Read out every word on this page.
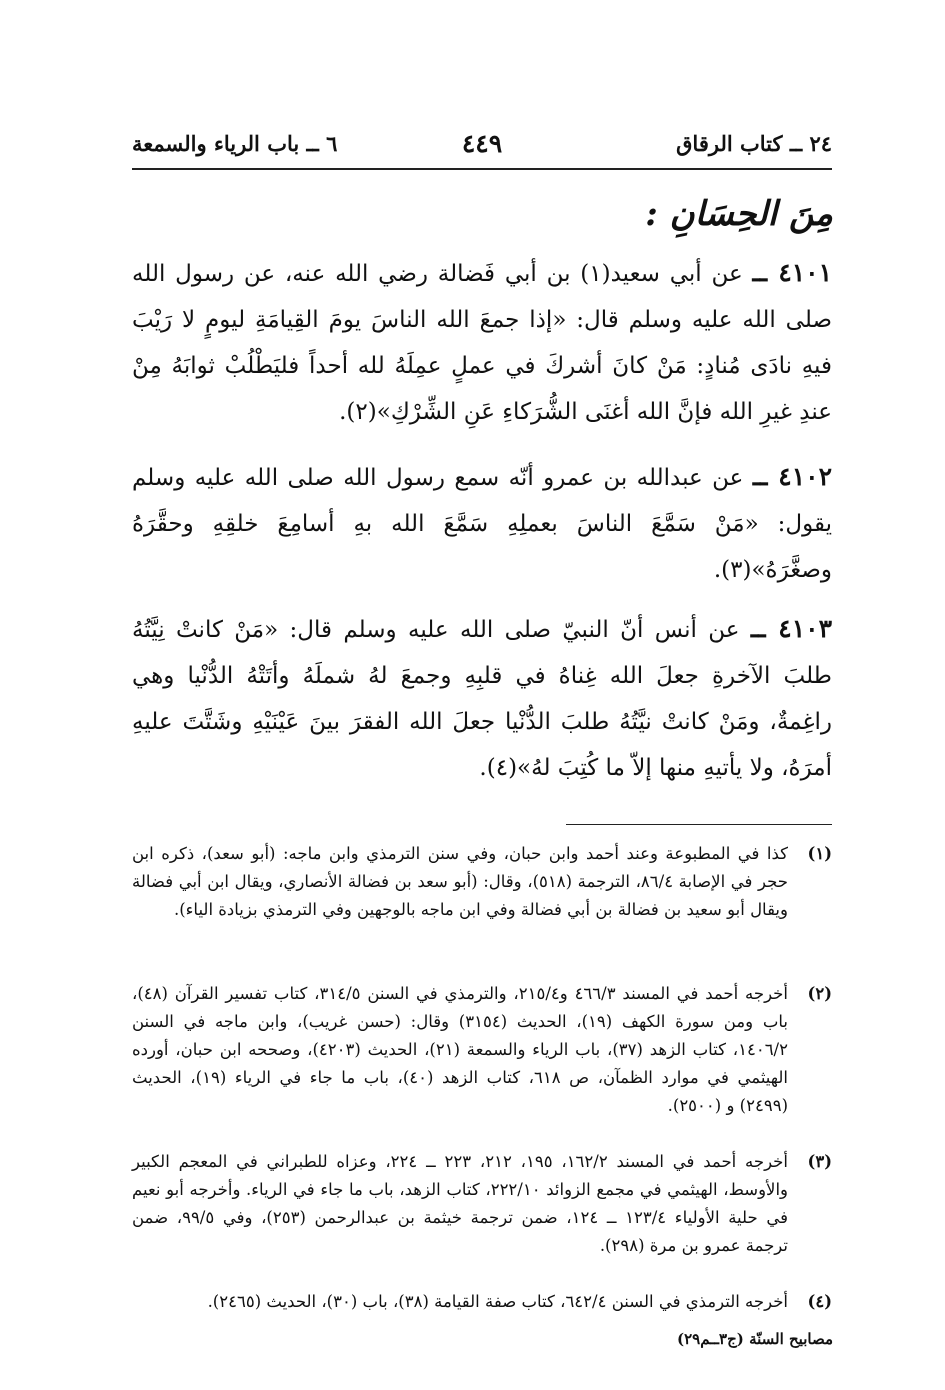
٢٤ ــ كتاب الرقاق
٤٤٩
٦ ــ باب الرياء والسمعة
مِنَ الحِسَانِ :
٤١٠١ ــ عن أبي سعيد(١) بن أبي فَضالة رضي الله عنه، عن رسول الله صلى الله عليه وسلم قال: «إذا جمعَ الله الناسَ يومَ القِيامَةِ ليومٍ لا رَيْبَ فيهِ نادَى مُنادٍ: مَنْ كانَ أشركَ في عملٍ عمِلَهُ لله أحداً فليَطْلُبْ ثوابَهُ مِنْ عندِ غيرِ الله فإنَّ الله أغنَى الشُّرَكاءِ عَنِ الشِّرْكِ»(٢).
٤١٠٢ ــ عن عبدالله بن عمرو أنّه سمع رسول الله صلى الله عليه وسلم يقول: «مَنْ سَمَّعَ الناسَ بعملِهِ سَمَّعَ الله بهِ أسامِعَ خلقِهِ وحقَّرَهُ وصغَّرَهُ»(٣).
٤١٠٣ ــ عن أنس أنّ النبيّ صلى الله عليه وسلم قال: «مَنْ كانتْ نِيَّتُهُ طلبَ الآخرةِ جعلَ الله غِناهُ في قلبِهِ وجمعَ لهُ شملَهُ وأتَتْهُ الدُّنْيا وهي راغِمةٌ، ومَنْ كانتْ نيَّتُهُ طلبَ الدُّنْيا جعلَ الله الفقرَ بينَ عَيْنَيْهِ وشَتَّتَ عليهِ أمرَهُ، ولا يأتيهِ منها إلاّ ما كُتِبَ لهُ»(٤).
(١)
كذا في المطبوعة وعند أحمد وابن حبان، وفي سنن الترمذي وابن ماجه: (أبو سعد)، ذكره ابن حجر في الإصابة ٨٦/٤، الترجمة (٥١٨)، وقال: (أبو سعد بن فضالة الأنصاري، ويقال ابن أبي فضالة ويقال أبو سعيد بن فضالة بن أبي فضالة وفي ابن ماجه بالوجهين وفي الترمذي بزيادة الياء).
(٢)
أخرجه أحمد في المسند ٤٦٦/٣ و٢١٥/٤، والترمذي في السنن ٣١٤/٥، كتاب تفسير القرآن (٤٨)، باب ومن سورة الكهف (١٩)، الحديث (٣١٥٤) وقال: (حسن غريب)، وابن ماجه في السنن ١٤٠٦/٢، كتاب الزهد (٣٧)، باب الرياء والسمعة (٢١)، الحديث (٤٢٠٣)، وصححه ابن حبان، أورده الهيثمي في موارد الظمآن، ص ٦١٨، كتاب الزهد (٤٠)، باب ما جاء في الرياء (١٩)، الحديث (٢٤٩٩) و (٢٥٠٠).
(٣)
أخرجه أحمد في المسند ١٦٢/٢، ١٩٥، ٢١٢، ٢٢٣ ــ ٢٢٤، وعزاه للطبراني في المعجم الكبير والأوسط، الهيثمي في مجمع الزوائد ٢٢٢/١٠، كتاب الزهد، باب ما جاء في الرياء. وأخرجه أبو نعيم في حلية الأولياء ١٢٣/٤ ــ ١٢٤، ضمن ترجمة خيثمة بن عبدالرحمن (٢٥٣)، وفي ٩٩/٥، ضمن ترجمة عمرو بن مرة (٢٩٨).
(٤)
أخرجه الترمذي في السنن ٦٤٢/٤، كتاب صفة القيامة (٣٨)، باب (٣٠)، الحديث (٢٤٦٥).
مصابيح السنّة (ج٣ــم٢٩)
